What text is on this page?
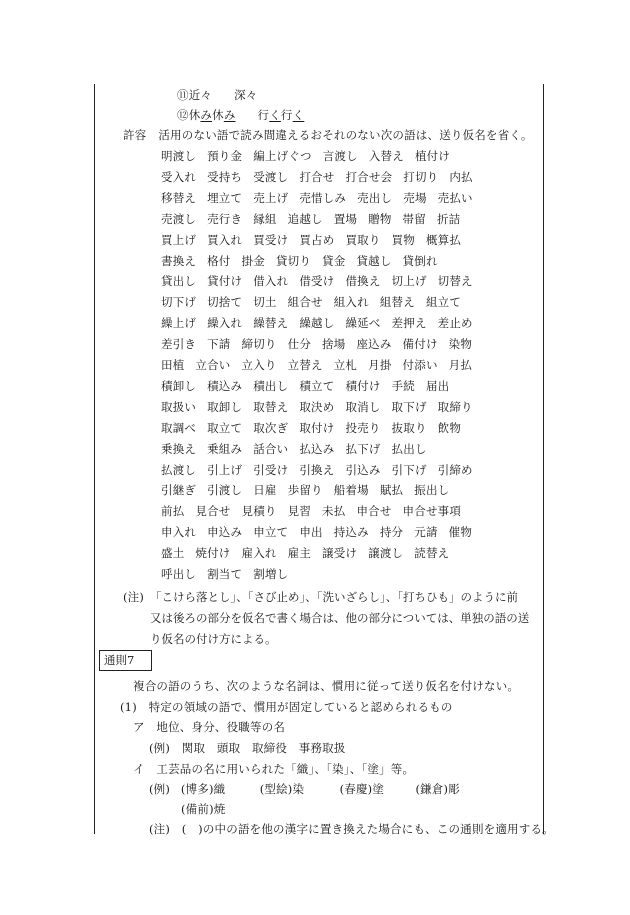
⑪近々 深々
⑫休み休み 行く行く
許容 活用のない語で読み間違えるおそれのない次の語は、送り仮名を省く。
明渡し 預り金 編上げぐつ 言渡し 入替え 植付け
受入れ 受持ち 受渡し 打合せ 打合せ会 打切り 内払
移替え 埋立て 売上げ 売惜しみ 売出し 売場 売払い
売渡し 売行き 縁組 追越し 置場 贈物 帯留 折詰
買上げ 買入れ 買受け 買占め 買取り 買物 概算払
書換え 格付 掛金 貸切り 貸金 貸越し 貸倒れ
貸出し 貸付け 借入れ 借受け 借換え 切上げ 切替え
切下げ 切捨て 切土 組合せ 組入れ 組替え 組立て
繰上げ 繰入れ 繰替え 繰越し 繰延べ 差押え 差止め
差引き 下請 締切り 仕分 捨場 座込み 備付け 染物
田植 立合い 立入り 立替え 立札 月掛 付添い 月払
積卸し 積込み 積出し 積立て 積付け 手続 届出
取扱い 取卸し 取替え 取決め 取消し 取下げ 取締り
取調べ 取立て 取次ぎ 取付け 投売り 抜取り 飲物
乗換え 乗組み 話合い 払込み 払下げ 払出し
払渡し 引上げ 引受け 引換え 引込み 引下げ 引締め
引継ぎ 引渡し 日雇 歩留り 船着場 賦払 振出し
前払 見合せ 見積り 見習 未払 申合せ 申合せ事項
申入れ 申込み 申立て 申出 持込み 持分 元請 催物
盛土 焼付け 雇入れ 雇主 譲受け 譲渡し 読替え
呼出し 割当て 割増し
(注) 「こけら落とし」、「さび止め」、「洗いざらし」、「打ちひも」のように前
又は後ろの部分を仮名で書く場合は、他の部分については、単独の語の送
り仮名の付け方による。
通則7
複合の語のうち、次のような名詞は、慣用に従って送り仮名を付けない。
(1)　特定の領域の語で、慣用が固定していると認められるもの
ア　地位、身分、役職等の名
(例)　関取　頭取　取締役　事務取扱
イ　工芸品の名に用いられた「織」、「染」、「塗」等。
(例) (博多)織	(型絵)染	(春慶)塗	(鎌倉)彫
(備前)焼
(注)　(　)の中の語を他の漢字に置き換えた場合にも、この通則を適用する。
